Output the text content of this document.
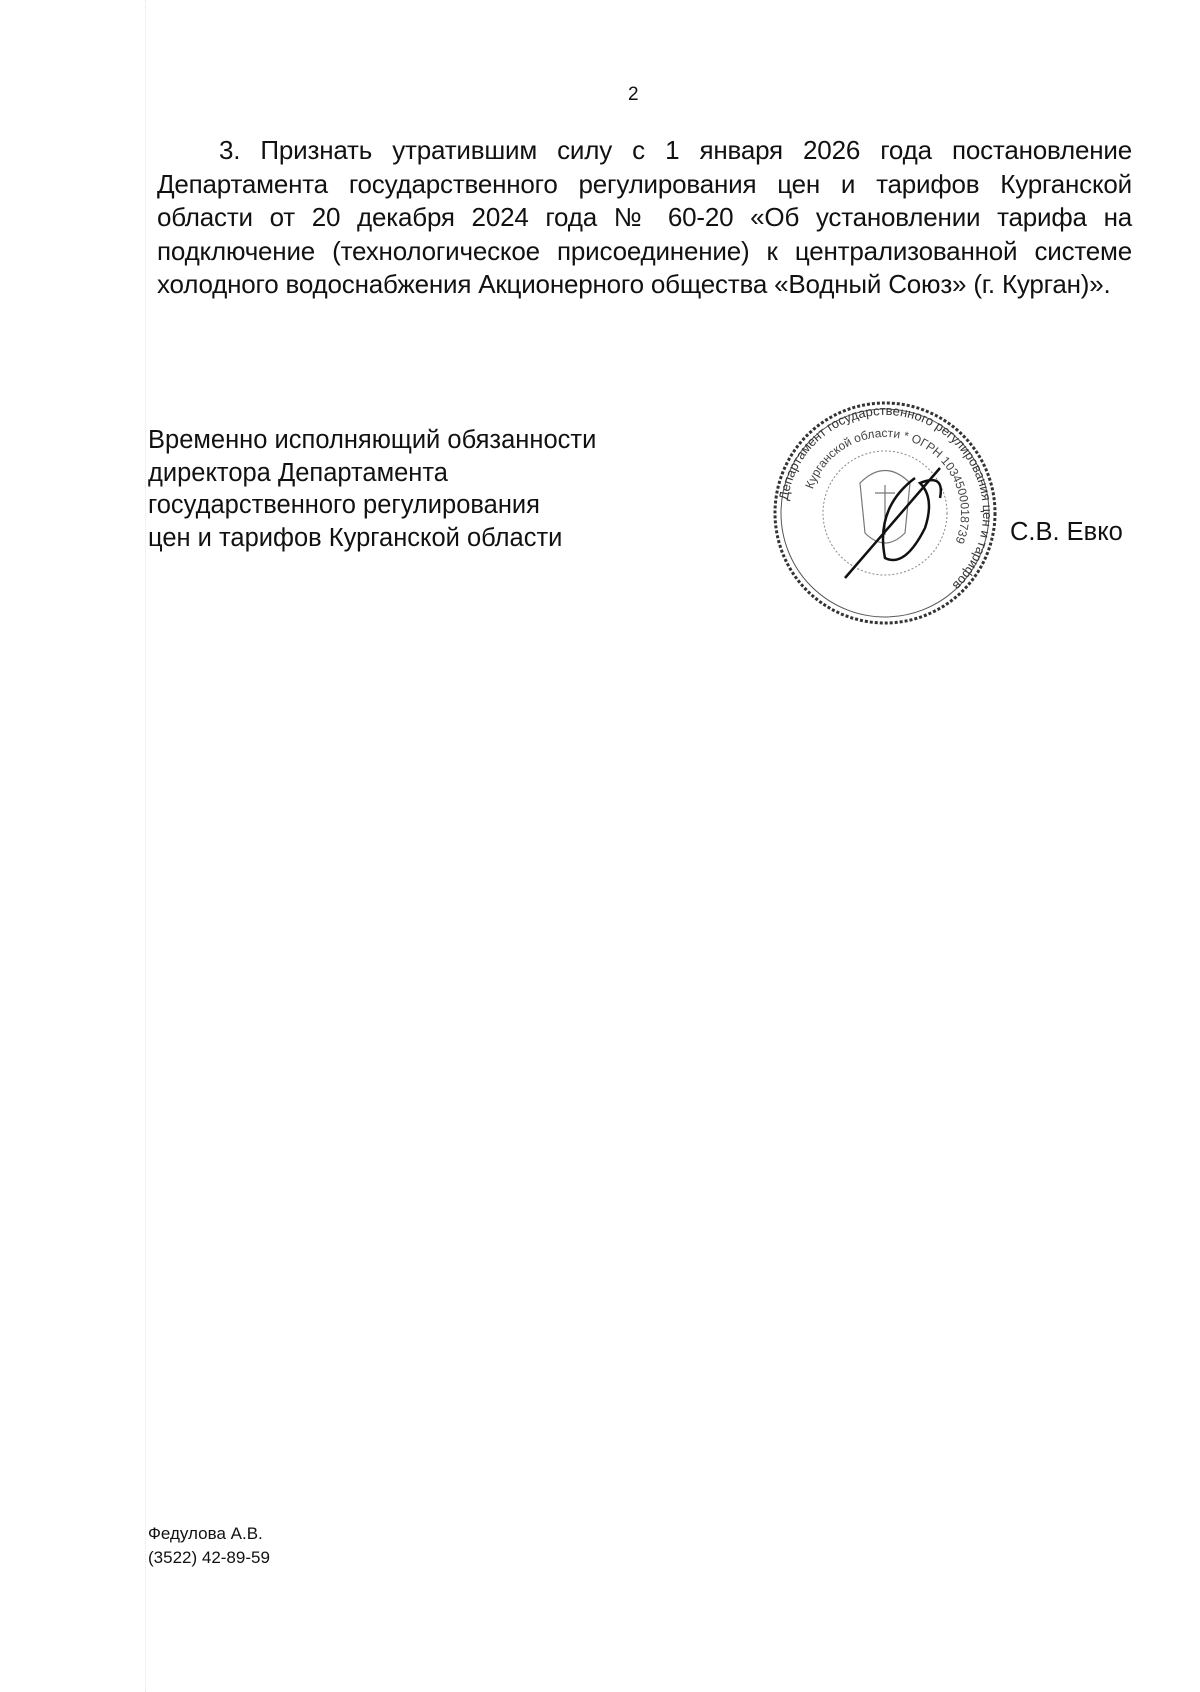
2
3. Признать утратившим силу с 1 января 2026 года постановление Департамента государственного регулирования цен и тарифов Курганской области от 20 декабря 2024 года № 60-20 «Об установлении тарифа на подключение (технологическое присоединение) к централизованной системе холодного водоснабжения Акционерного общества «Водный Союз» (г. Курган)».
Временно исполняющий обязанности
директора Департамента
государственного регулирования
цен и тарифов Курганской области
Департамент государственного регулирования цен и тарифов
Курганской области * ОГРН 1034500018739 С.В. Евко
Федулова А.В.
(3522) 42-89-59
